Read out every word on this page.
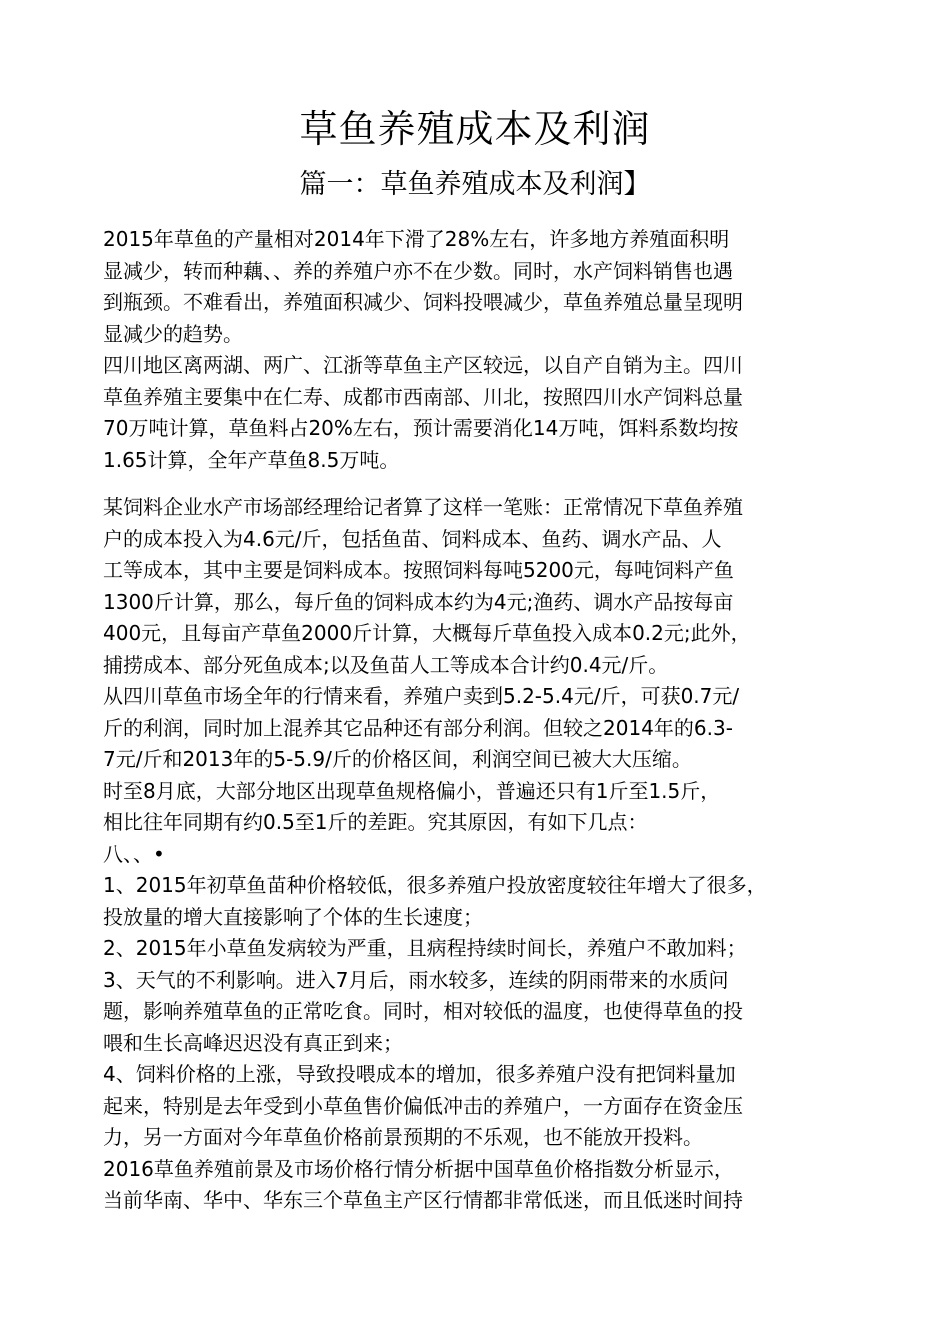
草鱼养殖成本及利润
篇一：草鱼养殖成本及利润】
2015年草鱼的产量相对2014年下滑了28%左右，许多地方养殖面积明
显减少，转而种藕、、养的养殖户亦不在少数。同时，水产饲料销售也遇
到瓶颈。不难看出，养殖面积减少、饲料投喂减少，草鱼养殖总量呈现明
显减少的趋势。
四川地区离两湖、两广、江浙等草鱼主产区较远，以自产自销为主。四川
草鱼养殖主要集中在仁寿、成都市西南部、川北，按照四川水产饲料总量
70万吨计算，草鱼料占20%左右，预计需要消化14万吨，饵料系数均按
1.65计算，全年产草鱼8.5万吨。
某饲料企业水产市场部经理给记者算了这样一笔账：正常情况下草鱼养殖
户的成本投入为4.6元/斤，包括鱼苗、饲料成本、鱼药、调水产品、人
工等成本，其中主要是饲料成本。按照饲料每吨5200元，每吨饲料产鱼
1300斤计算，那么，每斤鱼的饲料成本约为4元;渔药、调水产品按每亩
400元，且每亩产草鱼2000斤计算，大概每斤草鱼投入成本0.2元;此外，
捕捞成本、部分死鱼成本;以及鱼苗人工等成本合计约0.4元/斤。
从四川草鱼市场全年的行情来看，养殖户卖到5.2-5.4元/斤，可获0.7元/
斤的利润，同时加上混养其它品种还有部分利润。但较之2014年的6.3-
7元/斤和2013年的5-5.9/斤的价格区间，利润空间已被大大压缩。
时至8月底，大部分地区出现草鱼规格偏小，普遍还只有1斤至1.5斤，
相比往年同期有约0.5至1斤的差距。究其原因，有如下几点：
八、、•
1、2015年初草鱼苗种价格较低，很多养殖户投放密度较往年增大了很多，
投放量的增大直接影响了个体的生长速度；
2、2015年小草鱼发病较为严重，且病程持续时间长，养殖户不敢加料；
3、天气的不利影响。进入7月后，雨水较多，连续的阴雨带来的水质问
题，影响养殖草鱼的正常吃食。同时，相对较低的温度，也使得草鱼的投
喂和生长高峰迟迟没有真正到来；
4、饲料价格的上涨，导致投喂成本的增加，很多养殖户没有把饲料量加
起来，特别是去年受到小草鱼售价偏低冲击的养殖户，一方面存在资金压
力，另一方面对今年草鱼价格前景预期的不乐观，也不能放开投料。
2016草鱼养殖前景及市场价格行情分析据中国草鱼价格指数分析显示，
当前华南、华中、华东三个草鱼主产区行情都非常低迷，而且低迷时间持
